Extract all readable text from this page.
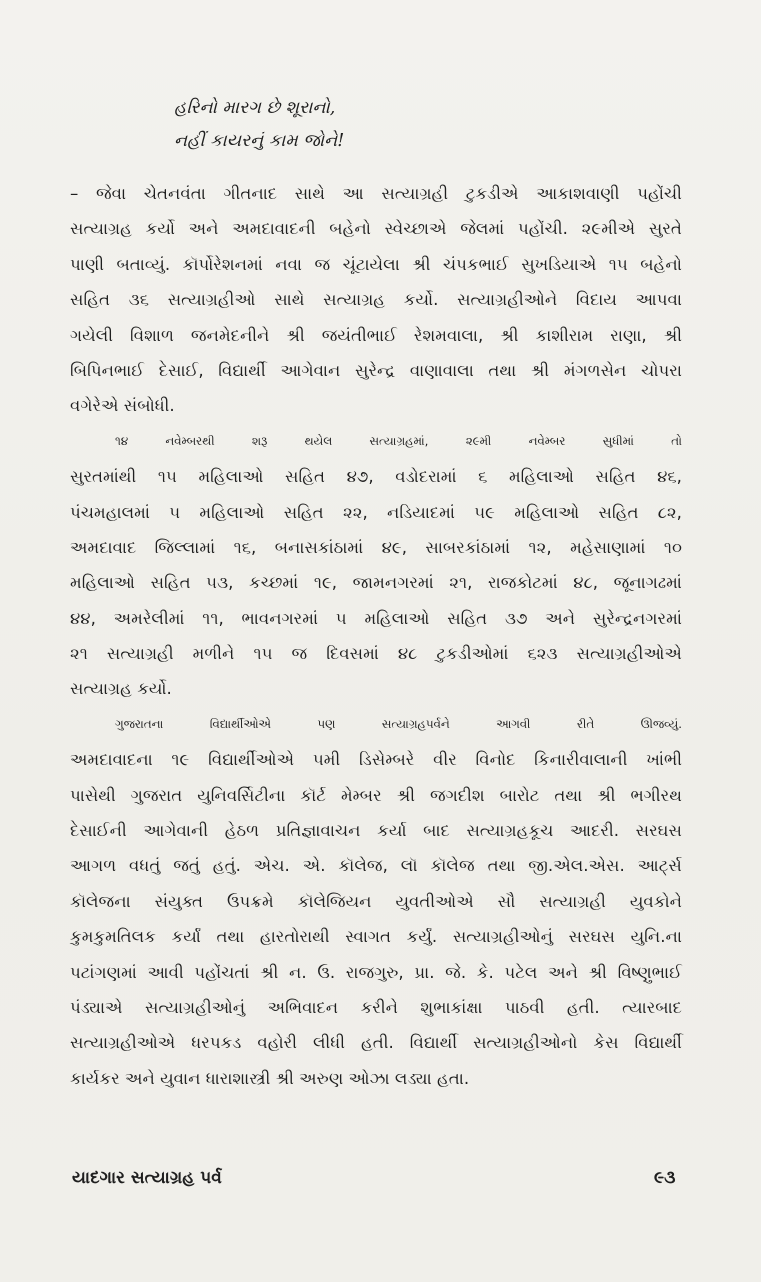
હરિનો મારગ છે શૂરાનો,
નહીં કાયરનું કામ જોને!
– જેવા ચેતનવંતા ગીતનાદ સાથે આ સત્યાગ્રહી ટુકડીએ આકાશવાણી પહોંચી
સત્યાગ્રહ કર્યો અને અમદાવાદની બહેનો સ્વેચ્છાએ જેલમાં પહોંચી. ૨૯મીએ સુરતે
પાણી બતાવ્યું. કૉર્પોરેશનમાં નવા જ ચૂંટાયેલા શ્રી ચંપકભાઈ સુખડિયાએ ૧૫ બહેનો
સહિત ૩૬ સત્યાગ્રહીઓ સાથે સત્યાગ્રહ કર્યો. સત્યાગ્રહીઓને વિદાય આપવા
ગયેલી વિશાળ જનમેદનીને શ્રી જયંતીભાઈ રેશમવાલા, શ્રી કાશીરામ રાણા, શ્રી
બિપિનભાઈ દેસાઈ, વિદ્યાર્થી આગેવાન સુરેન્દ્ર વાણાવાલા તથા શ્રી મંગળસેન ચોપરા
વગેરેએ સંબોધી.
૧૪	નવેમ્બરથી	શરૂ	થયેલ	સત્યાગ્રહમાં,	૨૯મી	નવેમ્બર	સુધીમાં	તો
સુરતમાંથી ૧૫ મહિલાઓ સહિત ૪૭, વડોદરામાં ૬ મહિલાઓ સહિત ૪૬,
પંચમહાલમાં ૫ મહિલાઓ સહિત ૨૨, નડિયાદમાં ૫૯ મહિલાઓ સહિત ૮૨,
અમદાવાદ જિલ્લામાં ૧૬, બનાસકાંઠામાં ૪૯, સાબરકાંઠામાં ૧૨, મહેસાણામાં ૧૦
મહિલાઓ સહિત ૫૩, કચ્છમાં ૧૯, જામનગરમાં ૨૧, રાજકોટમાં ૪૮, જૂનાગઢમાં
૪૪, અમરેલીમાં ૧૧, ભાવનગરમાં ૫ મહિલાઓ સહિત ૩૭ અને સુરેન્દ્રનગરમાં
૨૧ સત્યાગ્રહી મળીને ૧૫ જ દિવસમાં ૪૮ ટુકડીઓમાં ૬૨૩ સત્યાગ્રહીઓએ
સત્યાગ્રહ કર્યો.
ગુજરાતના	વિદ્યાર્થીઓએ	પણ	સત્યાગ્રહપર્વને	આગવી	રીતે	ઊજવ્યું.
અમદાવાદના ૧૯ વિદ્યાર્થીઓએ ૫મી ડિસેમ્બરે વીર વિનોદ કિનારીવાલાની ખાંભી
પાસેથી ગુજરાત યુનિવર્સિટીના કૉર્ટ મેમ્બર શ્રી જગદીશ બારોટ તથા શ્રી ભગીરથ
દેસાઈની આગેવાની હેઠળ પ્રતિજ્ઞાવાચન કર્યા બાદ સત્યાગ્રહકૂચ આદરી. સરઘસ
આગળ વધતું જતું હતું. એચ. એ. કૉલેજ, લૉ કૉલેજ તથા જી.એલ.એસ. આર્ટ્સ
કૉલેજના સંયુક્ત ઉપક્રમે કૉલેજિયન યુવતીઓએ સૌ સત્યાગ્રહી યુવકોને
કુમકુમતિલક કર્યાં તથા હારતોરાથી સ્વાગત કર્યું. સત્યાગ્રહીઓનું સરઘસ યુનિ.ના
પટાંગણમાં આવી પહોંચતાં શ્રી ન. ઉ. રાજગુરુ, પ્રા. જે. કે. પટેલ અને શ્રી વિષ્ણુભાઈ
પંડ્યાએ સત્યાગ્રહીઓનું અભિવાદન કરીને શુભાકાંક્ષા પાઠવી હતી. ત્યારબાદ
સત્યાગ્રહીઓએ ધરપકડ વહોરી લીધી હતી. વિદ્યાર્થી સત્યાગ્રહીઓનો કેસ વિદ્યાર્થી
કાર્યકર અને યુવાન ધારાશાસ્ત્રી શ્રી અરુણ ઓઝા લડ્યા હતા.
યાદગાર સત્યાગ્રહ પર્વ	૯૩
